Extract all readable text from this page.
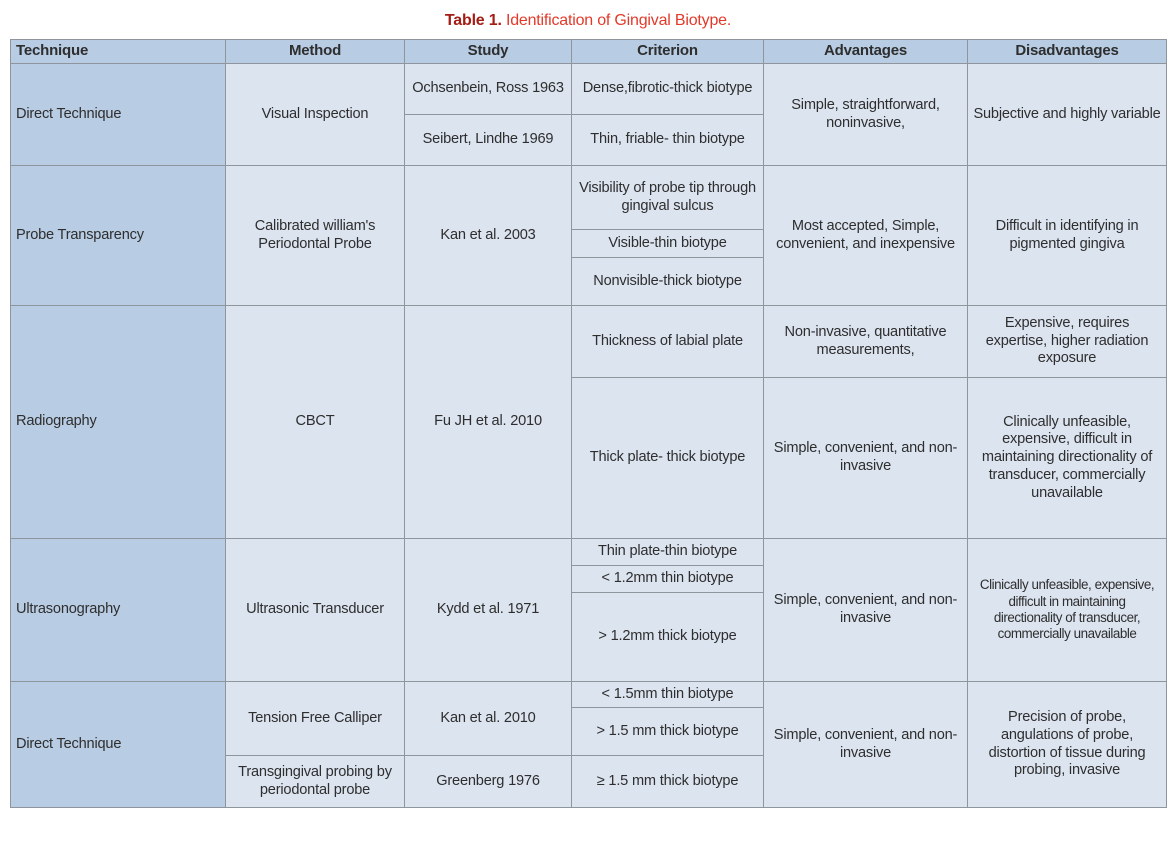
Table 1. Identification of Gingival Biotype.
Technique	Method	Study	Criterion	Advantages	Disadvantages
Direct Technique	Visual Inspection	Ochsenbein, Ross 1963	Dense,fibrotic-thick biotype	Simple, straightforward, noninvasive,	Subjective and highly variable
		Seibert, Lindhe 1969	Thin, friable- thin biotype		
Probe Transparency	Calibrated william's Periodontal Probe	Kan et al. 2003	Visibility of probe tip through gingival sulcus	Most accepted, Simple, convenient, and inexpensive	Difficult in identifying in pigmented gingiva
			Visible-thin biotype		
			Nonvisible-thick biotype		
Radiography	CBCT	Fu JH et al. 2010	Thickness of labial plate	Non-invasive, quantitative measurements,	Expensive, requires expertise, higher radiation exposure
			Thick plate- thick biotype	Simple, convenient, and non-invasive	Clinically unfeasible, expensive, difficult in maintaining directionality of transducer, commercially unavailable
Ultrasonography	Ultrasonic Transducer	Kydd et al. 1971	Thin plate-thin biotype	Simple, convenient, and non-invasive	Clinically unfeasible, expensive, difficult in maintaining directionality of transducer, commercially unavailable
			< 1.2mm thin biotype		
			> 1.2mm thick biotype		
Direct Technique	Tension Free Calliper	Kan et al. 2010	< 1.5mm thin biotype	Simple, convenient, and non-invasive	Precision of probe, angulations of probe, distortion of tissue during probing, invasive
			> 1.5 mm thick biotype		
	Transgingival probing by periodontal probe	Greenberg 1976	≥ 1.5 mm thick biotype		
